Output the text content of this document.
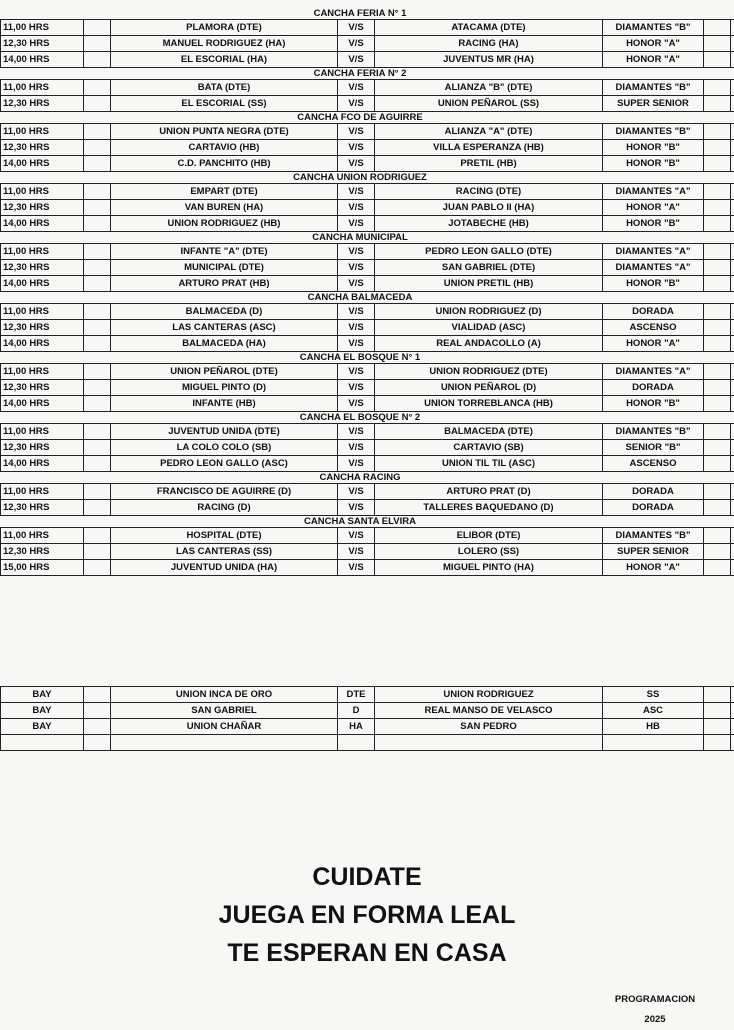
CANCHA FERIA N° 1
11,00 HRS		PLAMORA (DTE)	V/S	ATACAMA (DTE)	DIAMANTES "B"		
12,30 HRS		MANUEL RODRIGUEZ (HA)	V/S	RACING (HA)	HONOR "A"		
14,00 HRS		EL ESCORIAL (HA)	V/S	JUVENTUS MR (HA)	HONOR "A"		
CANCHA FERIA N° 2
11,00 HRS		BATA (DTE)	V/S	ALIANZA "B" (DTE)	DIAMANTES "B"		
12,30 HRS		EL ESCORIAL (SS)	V/S	UNION PEÑAROL (SS)	SUPER SENIOR		
CANCHA FCO DE AGUIRRE
11,00 HRS		UNION PUNTA NEGRA (DTE)	V/S	ALIANZA "A" (DTE)	DIAMANTES "B"		
12,30 HRS		CARTAVIO (HB)	V/S	VILLA ESPERANZA (HB)	HONOR "B"		
14,00 HRS		C.D. PANCHITO (HB)	V/S	PRETIL (HB)	HONOR "B"		
CANCHA UNION RODRIGUEZ
11,00 HRS		EMPART (DTE)	V/S	RACING (DTE)	DIAMANTES "A"		
12,30 HRS		VAN BUREN (HA)	V/S	JUAN PABLO II (HA)	HONOR "A"		
14,00 HRS		UNION RODRIGUEZ (HB)	V/S	JOTABECHE (HB)	HONOR "B"		
CANCHA MUNICIPAL
11,00 HRS		INFANTE "A" (DTE)	V/S	PEDRO LEON GALLO (DTE)	DIAMANTES "A"		
12,30 HRS		MUNICIPAL (DTE)	V/S	SAN GABRIEL (DTE)	DIAMANTES "A"		
14,00 HRS		ARTURO PRAT (HB)	V/S	UNION PRETIL (HB)	HONOR "B"		
CANCHA BALMACEDA
11,00 HRS		BALMACEDA (D)	V/S	UNION RODRIGUEZ (D)	DORADA		
12,30 HRS		LAS CANTERAS (ASC)	V/S	VIALIDAD (ASC)	ASCENSO		
14,00 HRS		BALMACEDA (HA)	V/S	REAL ANDACOLLO (A)	HONOR "A"		
CANCHA EL BOSQUE N° 1
11,00 HRS		UNION PEÑAROL (DTE)	V/S	UNION RODRIGUEZ (DTE)	DIAMANTES "A"		
12,30 HRS		MIGUEL PINTO (D)	V/S	UNION PEÑAROL (D)	DORADA		
14,00 HRS		INFANTE (HB)	V/S	UNION TORREBLANCA (HB)	HONOR "B"		
CANCHA EL BOSQUE N° 2
11,00 HRS		JUVENTUD UNIDA (DTE)	V/S	BALMACEDA (DTE)	DIAMANTES "B"		
12,30 HRS		LA COLO COLO (SB)	V/S	CARTAVIO (SB)	SENIOR "B"		
14,00 HRS		PEDRO LEON GALLO (ASC)	V/S	UNION TIL TIL (ASC)	ASCENSO		
CANCHA RACING
11,00 HRS		FRANCISCO DE AGUIRRE (D)	V/S	ARTURO PRAT (D)	DORADA		
12,30 HRS		RACING (D)	V/S	TALLERES BAQUEDANO (D)	DORADA		
CANCHA SANTA ELVIRA
11,00 HRS		HOSPITAL (DTE)	V/S	ELIBOR (DTE)	DIAMANTES "B"		
12,30 HRS		LAS CANTERAS (SS)	V/S	LOLERO (SS)	SUPER SENIOR		
15,00 HRS		JUVENTUD UNIDA (HA)	V/S	MIGUEL PINTO (HA)	HONOR "A"		
BAY		UNION INCA DE ORO	DTE	UNION RODRIGUEZ	SS		
BAY		SAN GABRIEL	D	REAL MANSO DE VELASCO	ASC		
BAY		UNION CHAÑAR	HA	SAN PEDRO	HB		

CUIDATE
JUEGA EN FORMA LEAL
TE ESPERAN EN CASA
PROGRAMACION
2025
